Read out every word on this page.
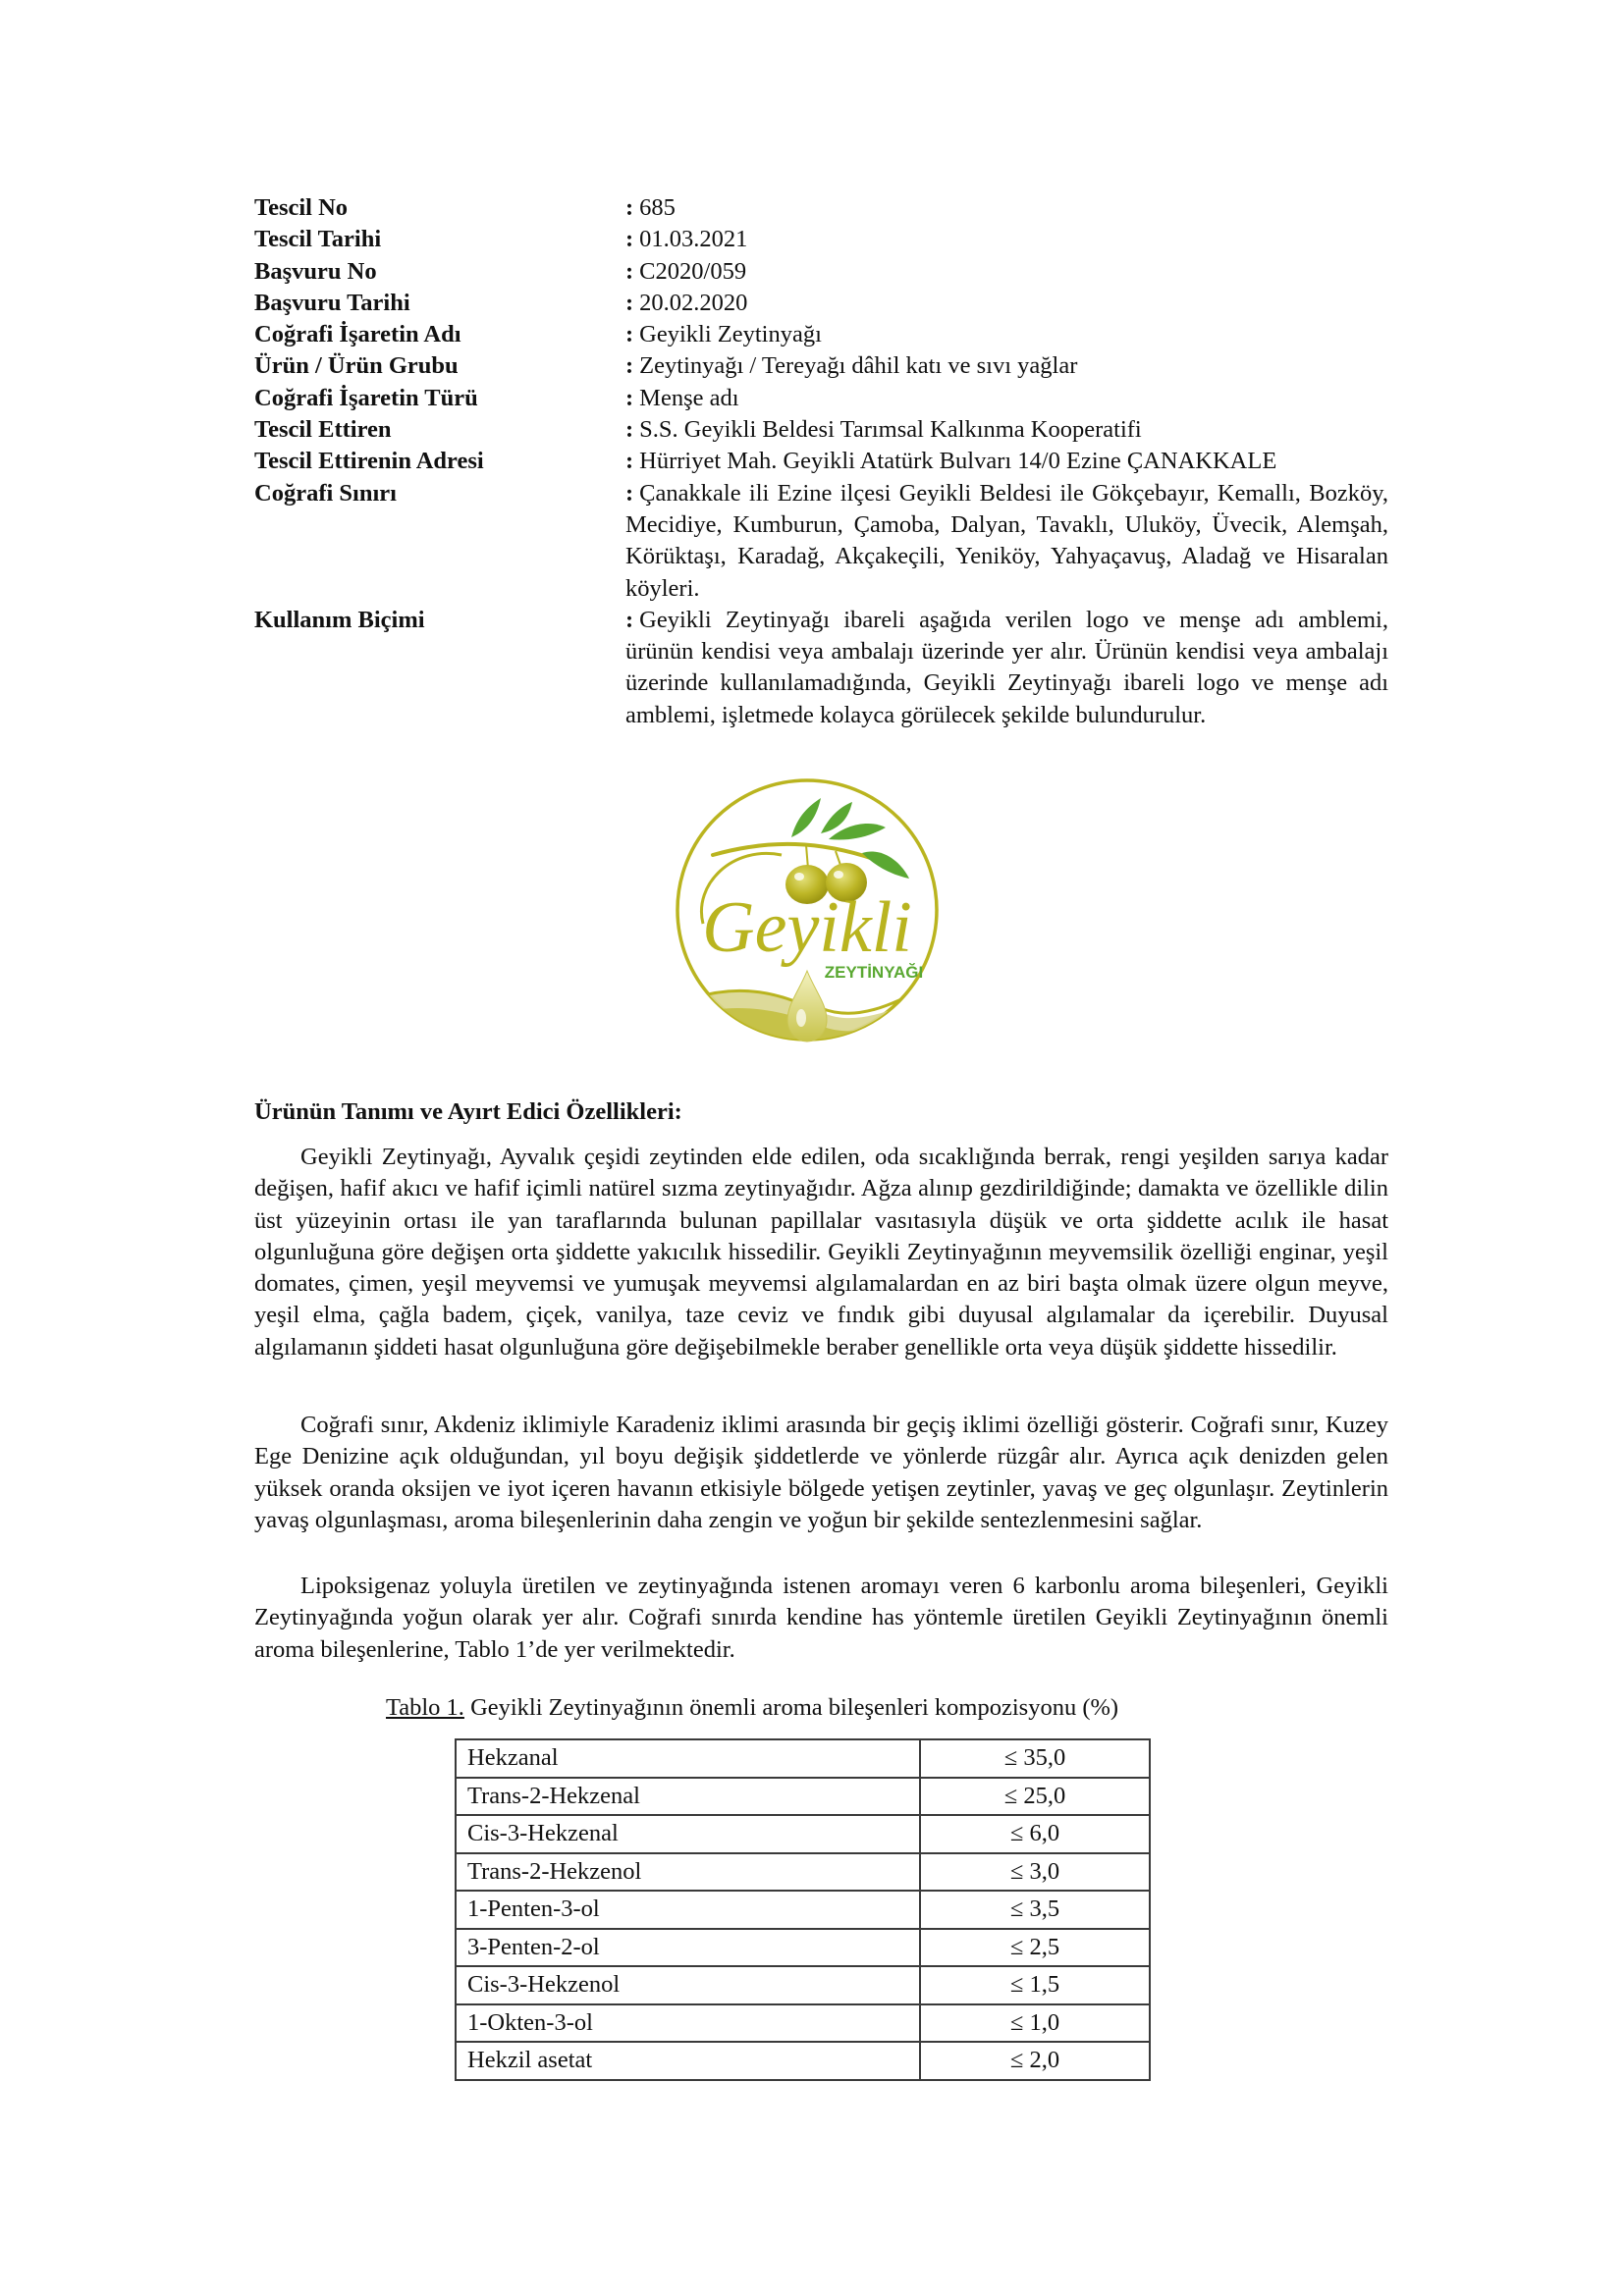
Tescil No	: 685
Tescil Tarihi	: 01.03.2021
Başvuru No	: C2020/059
Başvuru Tarihi	: 20.02.2020
Coğrafi İşaretin Adı	: Geyikli Zeytinyağı
Ürün / Ürün Grubu	: Zeytinyağı / Tereyağı dâhil katı ve sıvı yağlar
Coğrafi İşaretin Türü	: Menşe adı
Tescil Ettiren	: S.S. Geyikli Beldesi Tarımsal Kalkınma Kooperatifi
Tescil Ettirenin Adresi	: Hürriyet Mah. Geyikli Atatürk Bulvarı 14/0 Ezine ÇANAKKALE
Coğrafi Sınırı	: Çanakkale ili Ezine ilçesi Geyikli Beldesi ile Gökçebayır, Kemallı, Bozköy, Mecidiye, Kumburun, Çamoba, Dalyan, Tavaklı, Uluköy, Üvecik, Alemşah, Körüktaşı, Karadağ, Akçakeçili, Yeniköy, Yahyaçavuş, Aladağ ve Hisaralan köyleri.
Kullanım Biçimi	: Geyikli Zeytinyağı ibareli aşağıda verilen logo ve menşe adı amblemi, ürünün kendisi veya ambalajı üzerinde yer alır. Ürünün kendisi veya ambalajı üzerinde kullanılamadığında, Geyikli Zeytinyağı ibareli logo ve menşe adı amblemi, işletmede kolayca görülecek şekilde bulundurulur.
Geyikli
ZEYTİNYAĞI
Ürünün Tanımı ve Ayırt Edici Özellikleri:

Geyikli Zeytinyağı, Ayvalık çeşidi zeytinden elde edilen, oda sıcaklığında berrak, rengi yeşilden sarıya kadar değişen, hafif akıcı ve hafif içimli natürel sızma zeytinyağıdır. Ağza alınıp gezdirildiğinde; damakta ve özellikle dilin üst yüzeyinin ortası ile yan taraflarında bulunan papillalar vasıtasıyla düşük ve orta şiddette acılık ile hasat olgunluğuna göre değişen orta şiddette yakıcılık hissedilir. Geyikli Zeytinyağının meyvemsilik özelliği enginar, yeşil domates, çimen, yeşil meyvemsi ve yumuşak meyvemsi algılamalardan en az biri başta olmak üzere olgun meyve, yeşil elma, çağla badem, çiçek, vanilya, taze ceviz ve fındık gibi duyusal algılamalar da içerebilir. Duyusal algılamanın şiddeti hasat olgunluğuna göre değişebilmekle beraber genellikle orta veya düşük şiddette hissedilir.

Coğrafi sınır, Akdeniz iklimiyle Karadeniz iklimi arasında bir geçiş iklimi özelliği gösterir. Coğrafi sınır, Kuzey Ege Denizine açık olduğundan, yıl boyu değişik şiddetlerde ve yönlerde rüzgâr alır. Ayrıca açık denizden gelen yüksek oranda oksijen ve iyot içeren havanın etkisiyle bölgede yetişen zeytinler, yavaş ve geç olgunlaşır. Zeytinlerin yavaş olgunlaşması, aroma bileşenlerinin daha zengin ve yoğun bir şekilde sentezlenmesini sağlar.

Lipoksigenaz yoluyla üretilen ve zeytinyağında istenen aromayı veren 6 karbonlu aroma bileşenleri, Geyikli Zeytinyağında yoğun olarak yer alır. Coğrafi sınırda kendine has yöntemle üretilen Geyikli Zeytinyağının önemli aroma bileşenlerine, Tablo 1’de yer verilmektedir.

Tablo 1. Geyikli Zeytinyağının önemli aroma bileşenleri kompozisyonu (%)
Hekzanal	≤ 35,0
Trans-2-Hekzenal	≤ 25,0
Cis-3-Hekzenal	≤ 6,0
Trans-2-Hekzenol	≤ 3,0
1-Penten-3-ol	≤ 3,5
3-Penten-2-ol	≤ 2,5
Cis-3-Hekzenol	≤ 1,5
1-Okten-3-ol	≤ 1,0
Hekzil asetat	≤ 2,0
